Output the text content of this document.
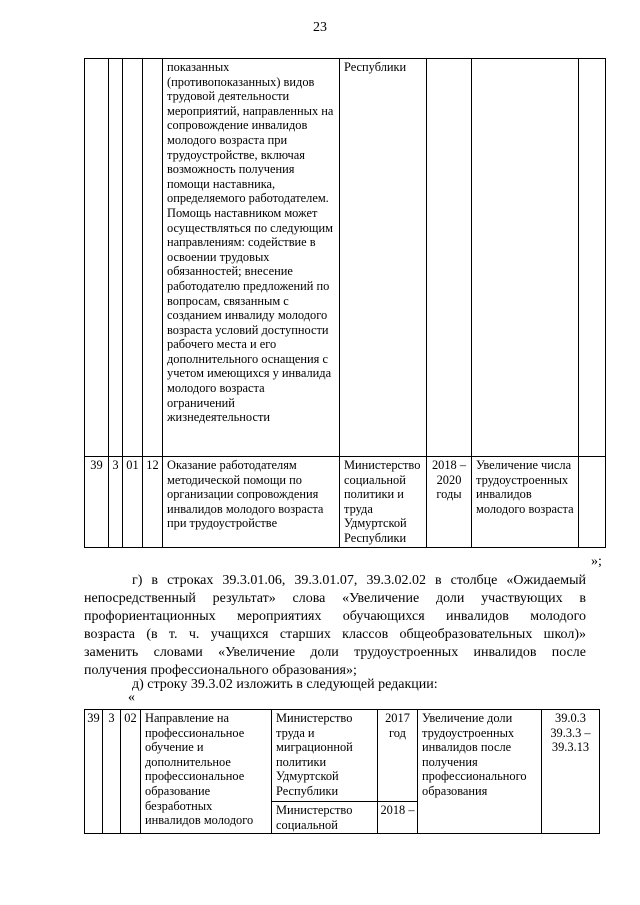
23
				показанных (противопоказанных) видов трудовой деятельности мероприятий, направленных на сопровождение инвалидов молодого возраста при трудоустройстве, включая возможность получения помощи наставника, определяемого работодателем. Помощь наставником может осуществляться по следующим направлениям: содействие в освоении трудовых обязанностей; внесение работодателю предложений по вопросам, связанным с созданием инвалиду молодого возраста условий доступности рабочего места и его дополнительного оснащения с учетом имеющихся у инвалида молодого возраста ограничений жизнедеятельности	Республики			
39	3	01	12	Оказание работодателям методической помощи по организации сопровождения инвалидов молодого возраста при трудоустройстве	Министерство социальной политики и труда Удмуртской Республики	2018 – 2020 годы	Увеличение числа трудоустроенных инвалидов молодого возраста	
»;
г) в строках 39.3.01.06, 39.3.01.07, 39.3.02.02 в столбце «Ожидаемый
непосредственный результат» слова «Увеличение доли участвующих в
профориентационных мероприятиях обучающихся инвалидов молодого
возраста (в т. ч. учащихся старших классов общеобразовательных школ)»
заменить словами «Увеличение доли трудоустроенных инвалидов после
получения профессионального образования»;
д) строку 39.3.02 изложить в следующей редакции:
«
39	3	02	Направление на профессиональное обучение и дополнительное профессиональное образование безработных инвалидов молодого	Министерство труда и миграционной политики Удмуртской Республики	2017 год	Увеличение доли трудоустроенных инвалидов после получения профессионального образования	39.0.3 39.3.3 – 39.3.13
				Министерство социальной	2018 –		
